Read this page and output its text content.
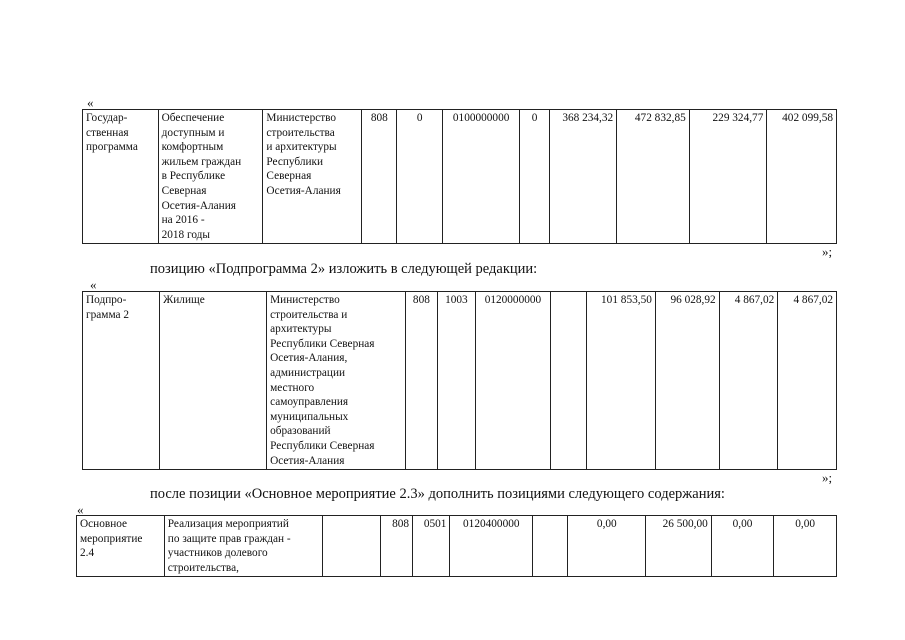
«
Государ-
ственная
программа	Обеспечение
доступным и
комфортным
жильем граждан
в Республике
Северная
Осетия-Алания
на 2016 -
2018 годы	Министерство
строительства
и архитектуры
Республики
Северная
Осетия-Алания	808	0	0100000000	0	368 234,32	472 832,85	229 324,77	402 099,58
»;
позицию «Подпрограмма 2» изложить в следующей редакции:
«
Подпро-
грамма 2	Жилище	Министерство
строительства и
архитектуры
Республики Северная
Осетия-Алания,
администрации
местного
самоуправления
муниципальных
образований
Республики Северная
Осетия-Алания	808	1003	0120000000		101 853,50	96 028,92	4 867,02	4 867,02
»;
после позиции «Основное мероприятие 2.3» дополнить позициями следующего содержания:
«
Основное
мероприятие
2.4	Реализация мероприятий
по защите прав граждан -
участников долевого
строительства,		808	0501	0120400000		0,00	26 500,00	0,00	0,00
